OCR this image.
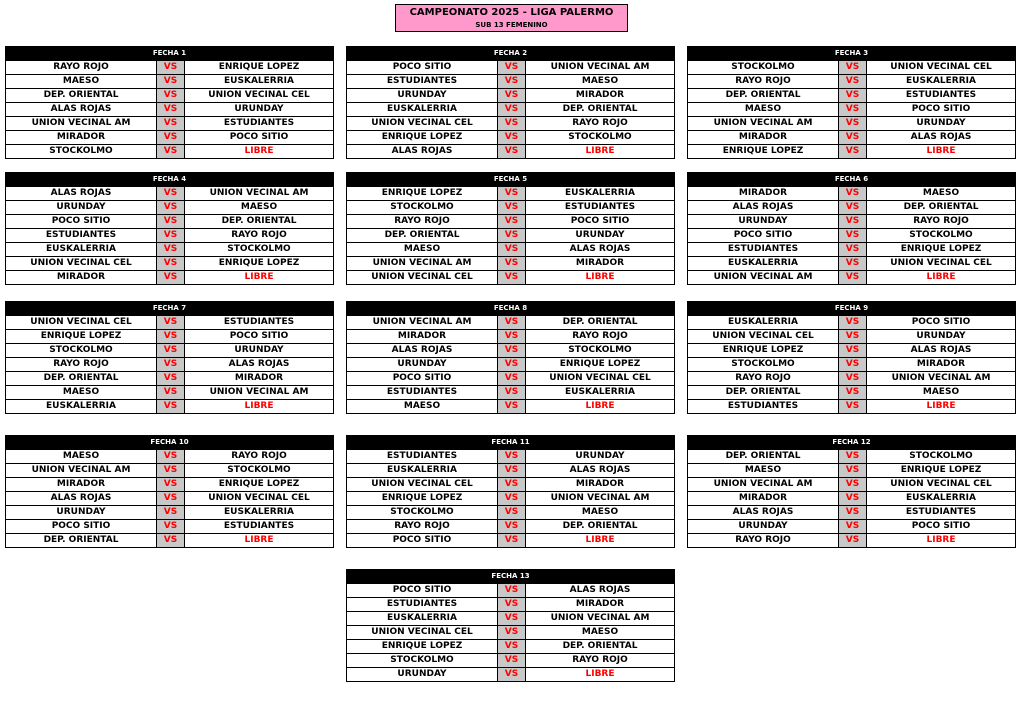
CAMPEONATO 2025 - LIGA PALERMO
SUB 13 FEMENINO
FECHA 1
RAYO ROJO	VS	ENRIQUE LOPEZ
MAESO	VS	EUSKALERRIA
DEP. ORIENTAL	VS	UNION VECINAL CEL
ALAS ROJAS	VS	URUNDAY
UNION VECINAL AM	VS	ESTUDIANTES
MIRADOR	VS	POCO SITIO
STOCKOLMO	VS	LIBRE
FECHA 2
POCO SITIO	VS	UNION VECINAL AM
ESTUDIANTES	VS	MAESO
URUNDAY	VS	MIRADOR
EUSKALERRIA	VS	DEP. ORIENTAL
UNION VECINAL CEL	VS	RAYO ROJO
ENRIQUE LOPEZ	VS	STOCKOLMO
ALAS ROJAS	VS	LIBRE
FECHA 3
STOCKOLMO	VS	UNION VECINAL CEL
RAYO ROJO	VS	EUSKALERRIA
DEP. ORIENTAL	VS	ESTUDIANTES
MAESO	VS	POCO SITIO
UNION VECINAL AM	VS	URUNDAY
MIRADOR	VS	ALAS ROJAS
ENRIQUE LOPEZ	VS	LIBRE
FECHA 4
ALAS ROJAS	VS	UNION VECINAL AM
URUNDAY	VS	MAESO
POCO SITIO	VS	DEP. ORIENTAL
ESTUDIANTES	VS	RAYO ROJO
EUSKALERRIA	VS	STOCKOLMO
UNION VECINAL CEL	VS	ENRIQUE LOPEZ
MIRADOR	VS	LIBRE
FECHA 5
ENRIQUE LOPEZ	VS	EUSKALERRIA
STOCKOLMO	VS	ESTUDIANTES
RAYO ROJO	VS	POCO SITIO
DEP. ORIENTAL	VS	URUNDAY
MAESO	VS	ALAS ROJAS
UNION VECINAL AM	VS	MIRADOR
UNION VECINAL CEL	VS	LIBRE
FECHA 6
MIRADOR	VS	MAESO
ALAS ROJAS	VS	DEP. ORIENTAL
URUNDAY	VS	RAYO ROJO
POCO SITIO	VS	STOCKOLMO
ESTUDIANTES	VS	ENRIQUE LOPEZ
EUSKALERRIA	VS	UNION VECINAL CEL
UNION VECINAL AM	VS	LIBRE
FECHA 7
UNION VECINAL CEL	VS	ESTUDIANTES
ENRIQUE LOPEZ	VS	POCO SITIO
STOCKOLMO	VS	URUNDAY
RAYO ROJO	VS	ALAS ROJAS
DEP. ORIENTAL	VS	MIRADOR
MAESO	VS	UNION VECINAL AM
EUSKALERRIA	VS	LIBRE
FECHA 8
UNION VECINAL AM	VS	DEP. ORIENTAL
MIRADOR	VS	RAYO ROJO
ALAS ROJAS	VS	STOCKOLMO
URUNDAY	VS	ENRIQUE LOPEZ
POCO SITIO	VS	UNION VECINAL CEL
ESTUDIANTES	VS	EUSKALERRIA
MAESO	VS	LIBRE
FECHA 9
EUSKALERRIA	VS	POCO SITIO
UNION VECINAL CEL	VS	URUNDAY
ENRIQUE LOPEZ	VS	ALAS ROJAS
STOCKOLMO	VS	MIRADOR
RAYO ROJO	VS	UNION VECINAL AM
DEP. ORIENTAL	VS	MAESO
ESTUDIANTES	VS	LIBRE
FECHA 10
MAESO	VS	RAYO ROJO
UNION VECINAL AM	VS	STOCKOLMO
MIRADOR	VS	ENRIQUE LOPEZ
ALAS ROJAS	VS	UNION VECINAL CEL
URUNDAY	VS	EUSKALERRIA
POCO SITIO	VS	ESTUDIANTES
DEP. ORIENTAL	VS	LIBRE
FECHA 11
ESTUDIANTES	VS	URUNDAY
EUSKALERRIA	VS	ALAS ROJAS
UNION VECINAL CEL	VS	MIRADOR
ENRIQUE LOPEZ	VS	UNION VECINAL AM
STOCKOLMO	VS	MAESO
RAYO ROJO	VS	DEP. ORIENTAL
POCO SITIO	VS	LIBRE
FECHA 12
DEP. ORIENTAL	VS	STOCKOLMO
MAESO	VS	ENRIQUE LOPEZ
UNION VECINAL AM	VS	UNION VECINAL CEL
MIRADOR	VS	EUSKALERRIA
ALAS ROJAS	VS	ESTUDIANTES
URUNDAY	VS	POCO SITIO
RAYO ROJO	VS	LIBRE
FECHA 13
POCO SITIO	VS	ALAS ROJAS
ESTUDIANTES	VS	MIRADOR
EUSKALERRIA	VS	UNION VECINAL AM
UNION VECINAL CEL	VS	MAESO
ENRIQUE LOPEZ	VS	DEP. ORIENTAL
STOCKOLMO	VS	RAYO ROJO
URUNDAY	VS	LIBRE
